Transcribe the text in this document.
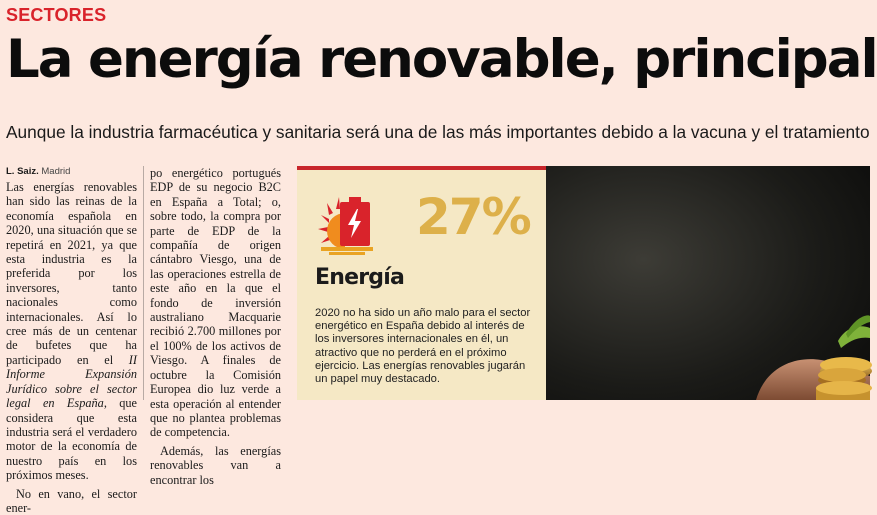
SECTORES
La energía renovable, principal
Aunque la industria farmacéutica y sanitaria será una de las más importantes debido a la vacuna y el tratamiento
L. Saiz. Madrid

Las energías renovables han sido las reinas de la economía española en 2020, una situación que se repetirá en 2021, ya que esta industria es la preferida por los inversores, tanto nacionales como internacionales. Así lo cree más de un centenar de bufetes que ha participado en el II Informe Expansión Jurídico sobre el sector legal en España, que considera que esta industria será el verdadero motor de la economía de nuestro país en los próximos meses.

No en vano, el sector ener-

po energético portugués EDP de su negocio B2C en España a Total; o, sobre todo, la compra por parte de EDP de la compañía de origen cántabro Viesgo, una de las operaciones estrella de este año en la que el fondo de inversión australiano Macquarie recibió 2.700 millones por el 100% de los activos de Viesgo. A finales de octubre la Comisión Europea dio luz verde a esta operación al entender que no plantea problemas de competencia.

Además, las energías renovables van a encontrar los

27%
Energía
2020 no ha sido un año malo para el sector energético en España debido al interés de los inversores internacionales en él, un atractivo que no perderá en el próximo ejercicio. Las energías renovables jugarán un papel muy destacado.
